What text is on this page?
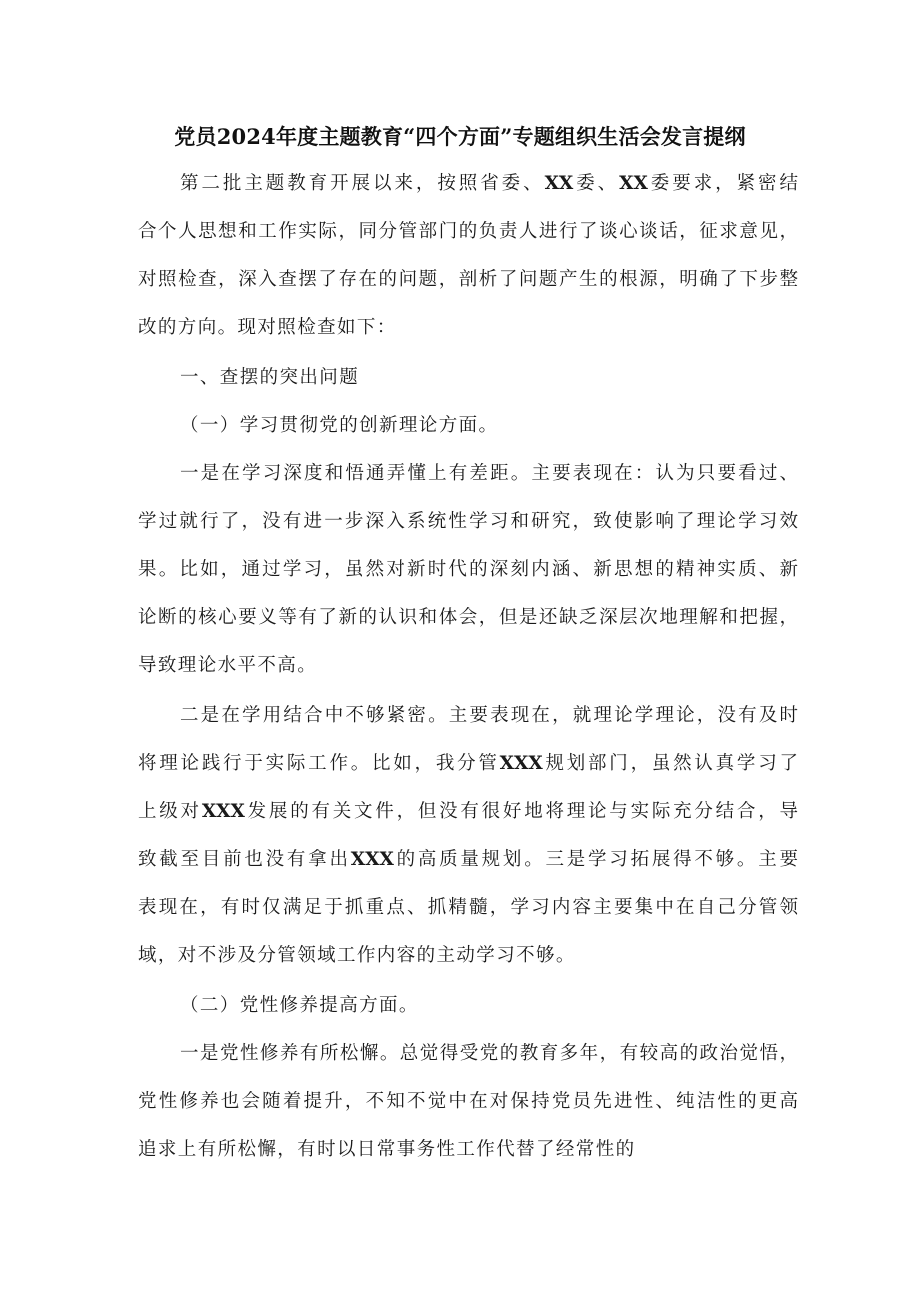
党员2024年度主题教育“四个方面”专题组织生活会发言提纲
第二批主题教育开展以来，按照省委、XX委、XX委要求，紧密结
合个人思想和工作实际，同分管部门的负责人进行了谈心谈话，征求意见，
对照检查，深入查摆了存在的问题，剖析了问题产生的根源，明确了下步整
改的方向。现对照检查如下：
一、查摆的突出问题
（一）学习贯彻党的创新理论方面。
一是在学习深度和悟通弄懂上有差距。主要表现在：认为只要看过、
学过就行了，没有进一步深入系统性学习和研究，致使影响了理论学习效
果。比如，通过学习，虽然对新时代的深刻内涵、新思想的精神实质、新
论断的核心要义等有了新的认识和体会，但是还缺乏深层次地理解和把握，
导致理论水平不高。
二是在学用结合中不够紧密。主要表现在，就理论学理论，没有及时
将理论践行于实际工作。比如，我分管XXX规划部门，虽然认真学习了
上级对XXX发展的有关文件，但没有很好地将理论与实际充分结合，导
致截至目前也没有拿出XXX的高质量规划。三是学习拓展得不够。主要
表现在，有时仅满足于抓重点、抓精髓，学习内容主要集中在自己分管领
域，对不涉及分管领域工作内容的主动学习不够。
（二）党性修养提高方面。
一是党性修养有所松懈。总觉得受党的教育多年，有较高的政治觉悟，
党性修养也会随着提升，不知不觉中在对保持党员先进性、纯洁性的更高
追求上有所松懈，有时以日常事务性工作代替了经常性的
